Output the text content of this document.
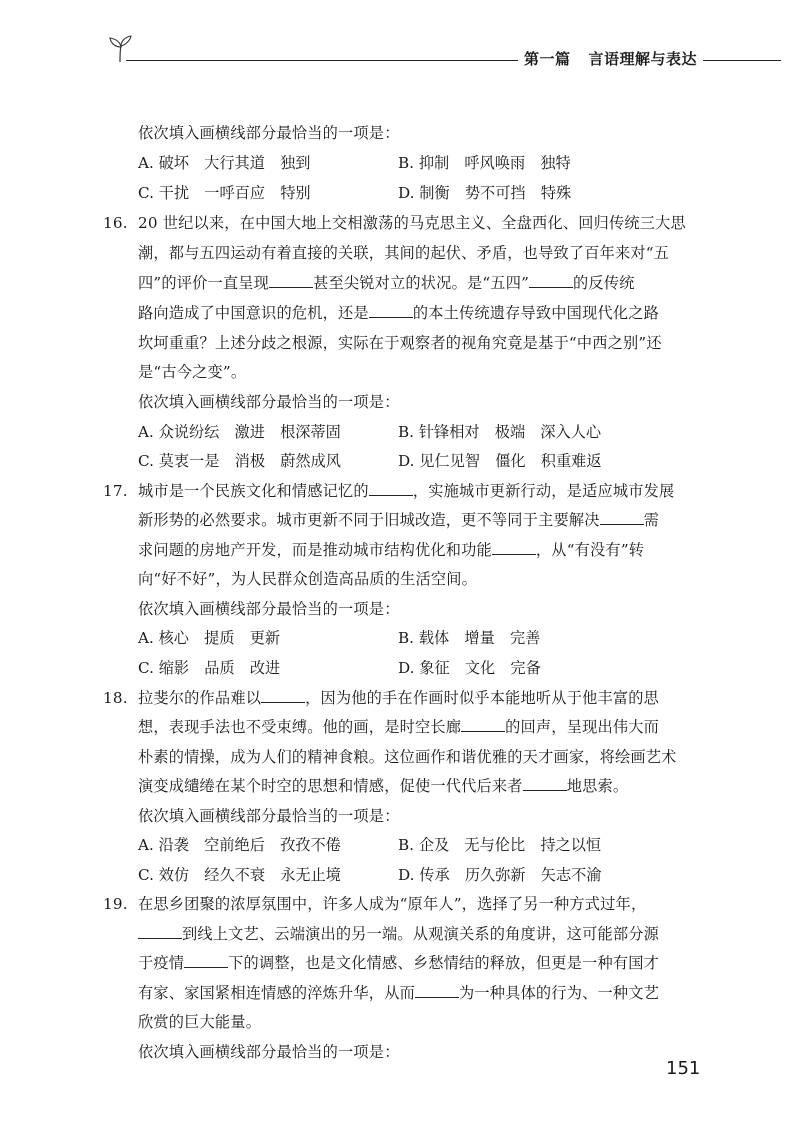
第一篇 言语理解与表达
依次填入画横线部分最恰当的一项是：
A. 破坏　大行其道　独到	B. 抑制　呼风唤雨　独特
C. 干扰　一呼百应　特别	D. 制衡　势不可挡　特殊
16. 20 世纪以来，在中国大地上交相激荡的马克思主义、全盘西化、回归传统三大思
潮，都与五四运动有着直接的关联，其间的起伏、矛盾，也导致了百年来对“五
四”的评价一直呈现	甚至尖锐对立的状况。是“五四”	的反传统
路向造成了中国意识的危机，还是	的本土传统遗存导致中国现代化之路
坎坷重重？上述分歧之根源，实际在于观察者的视角究竟是基于“中西之别”还
是“古今之变”。
依次填入画横线部分最恰当的一项是：
A. 众说纷纭　激进　根深蒂固	B. 针锋相对　极端　深入人心
C. 莫衷一是　消极　蔚然成风	D. 见仁见智　僵化　积重难返
17. 城市是一个民族文化和情感记忆的	，实施城市更新行动，是适应城市发展
新形势的必然要求。城市更新不同于旧城改造，更不等同于主要解决	需
求问题的房地产开发，而是推动城市结构优化和功能	，从“有没有”转
向“好不好”，为人民群众创造高品质的生活空间。
依次填入画横线部分最恰当的一项是：
A. 核心　提质　更新	B. 载体　增量　完善
C. 缩影　品质　改进	D. 象征　文化　完备
18. 拉斐尔的作品难以	，因为他的手在作画时似乎本能地听从于他丰富的思
想，表现手法也不受束缚。他的画，是时空长廊	的回声，呈现出伟大而
朴素的情操，成为人们的精神食粮。这位画作和谐优雅的天才画家，将绘画艺术
演变成缱绻在某个时空的思想和情感，促使一代代后来者	地思索。
依次填入画横线部分最恰当的一项是：
A. 沿袭　空前绝后　孜孜不倦	B. 企及　无与伦比　持之以恒
C. 效仿　经久不衰　永无止境	D. 传承　历久弥新　矢志不渝
19. 在思乡团聚的浓厚氛围中，许多人成为“原年人”，选择了另一种方式过年，
到线上文艺、云端演出的另一端。从观演关系的角度讲，这可能部分源
于疫情	下的调整，也是文化情感、乡愁情结的释放，但更是一种有国才
有家、家国紧相连情感的淬炼升华，从而	为一种具体的行为、一种文艺
欣赏的巨大能量。
依次填入画横线部分最恰当的一项是：
151
